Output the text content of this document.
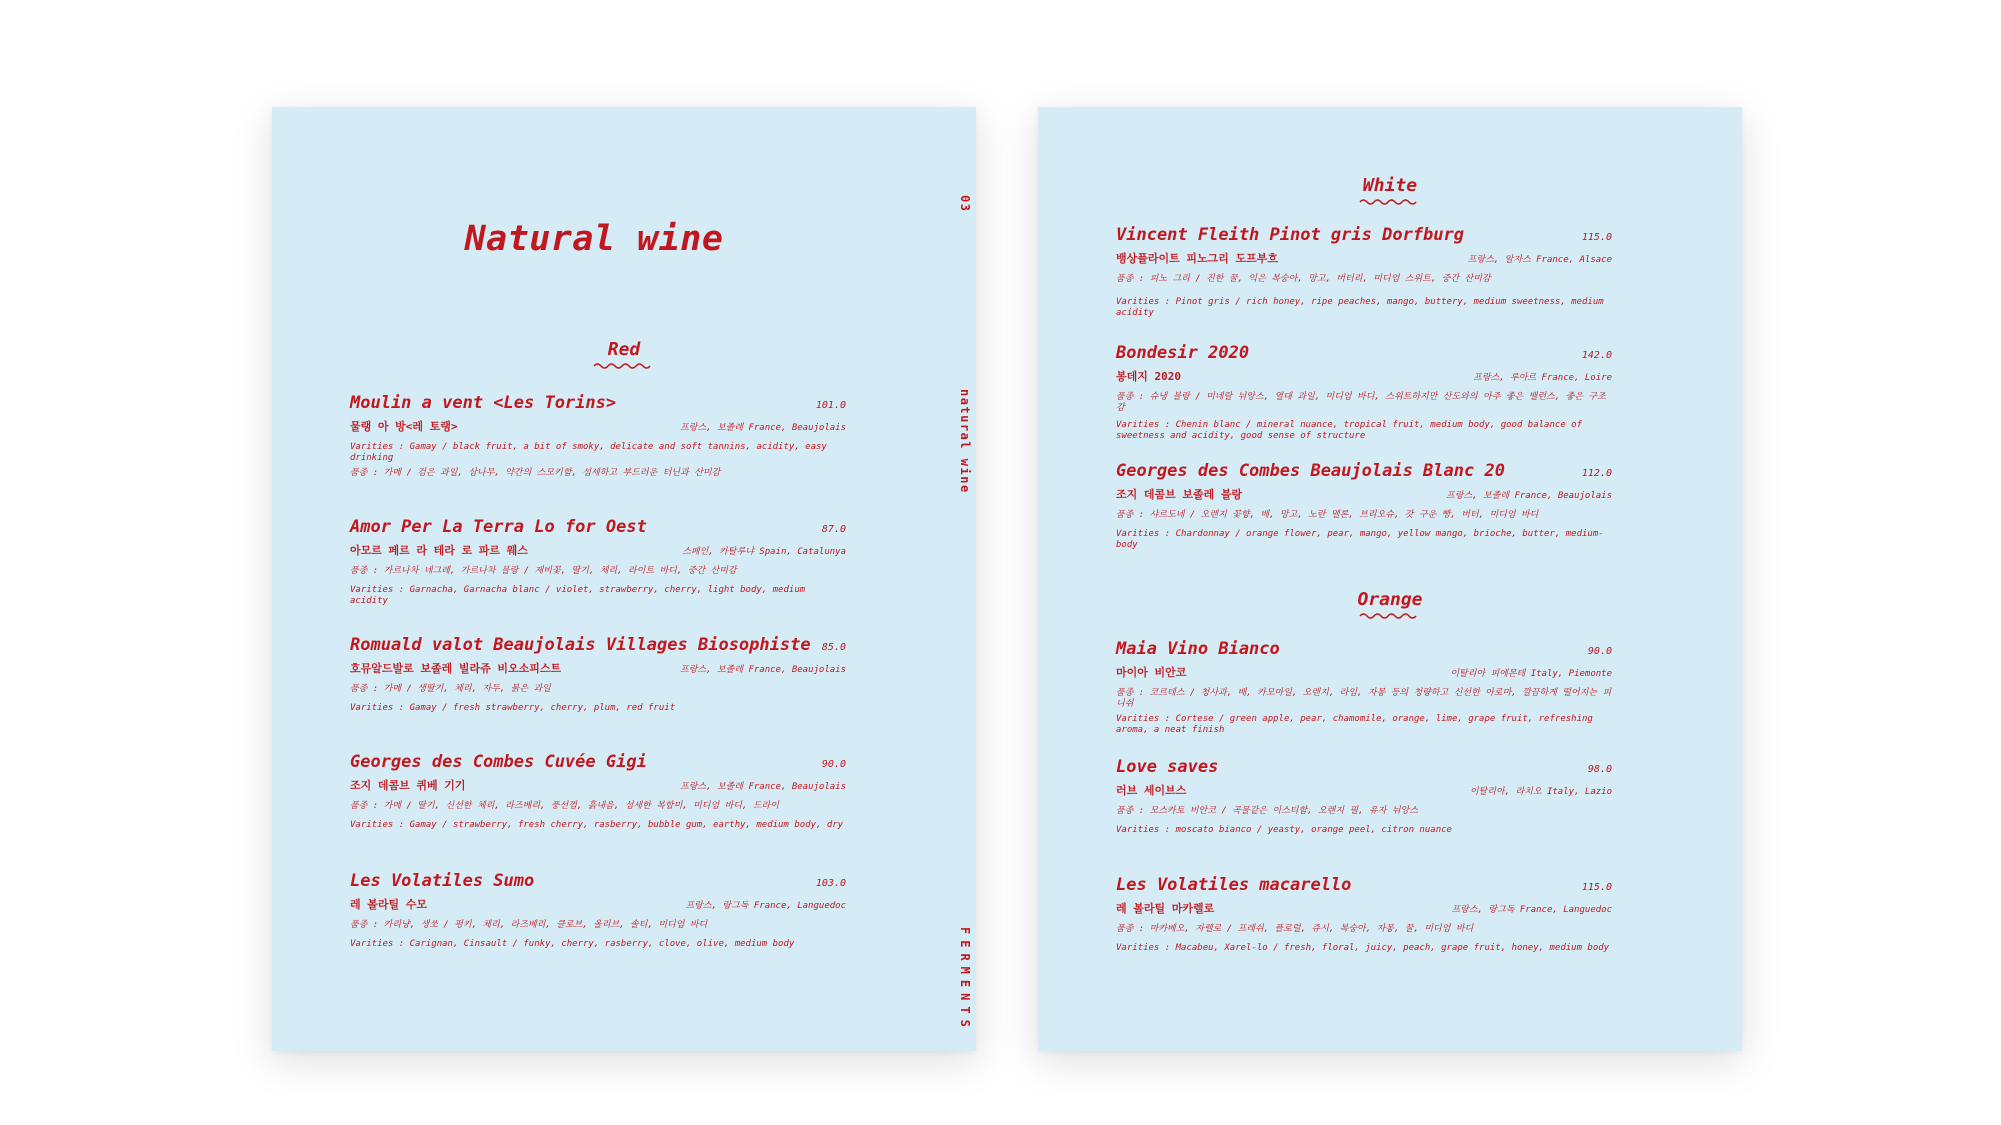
Natural wine
03
natural wine
FERMENTS
Red
Moulin a vent <Les Torins>	101.0
물랭 아 방<레 토랭>	프랑스, 보졸레 France, Beaujolais
Varities : Gamay / black fruit, a bit of smoky, delicate and soft tannins, acidity, easy drinking
품종 : 가메 / 검은 과일, 삼나무, 약간의 스모키함, 섬세하고 부드러운 터닌과 산미감
Amor Per La Terra Lo for Oest	87.0
아모르 페르 라 테라 로 파르 웨스	스페인, 카탈루냐 Spain, Catalunya
품종 : 가르나차 네그레, 가르나차 블랑 / 제비꽃, 딸기, 체리, 라이트 바디, 중간 산미감
Varities : Garnacha, Garnacha blanc / violet, strawberry, cherry, light body, medium acidity
Romuald valot Beaujolais Villages Biosophiste 85.0
호뮤알드발로 보졸레 빌라쥬 비오소피스트	프랑스, 보졸레 France, Beaujolais
품종 : 가메 / 생딸기, 체리, 자두, 붉은 과일
Varities : Gamay / fresh strawberry, cherry, plum, red fruit
Georges des Combes Cuvée Gigi	90.0
조지 데콤브 퀴베 기기	프랑스, 보졸레 France, Beaujolais
품종 : 가메 / 딸기, 신선한 체리, 라즈베리, 풍선껌, 흙내음, 섬세한 복합미, 미디엄 바디, 드라이
Varities : Gamay / strawberry, fresh cherry, rasberry, bubble gum, earthy, medium body, dry
Les Volatiles Sumo	103.0
레 볼라틸 수모	프랑스, 랑그독 France, Languedoc
품종 : 카리냥, 생쏘 / 펑키, 체리, 라즈베리, 클로브, 올리브, 솔티, 미디엄 바디
Varities : Carignan, Cinsault / funky, cherry, rasberry, clove, olive, medium body
White
Vincent Fleith Pinot gris Dorfburg	115.0
뱅상플라이트 피노그리 도프부흐	프랑스, 알자스 France, Alsace
품종 : 피노 그리 / 진한 꿀, 익은 복숭아, 망고, 버터리, 미디엄 스위트, 중간 산미감
Varities : Pinot gris / rich honey, ripe peaches, mango, buttery, medium sweetness, medium acidity
Bondesir 2020	142.0
봉데지 2020	프랑스, 루아르 France, Loire
품종 : 슈냉 블랑 / 미네랄 뉘앙스, 열대 과일, 미디엄 바디, 스위트하지만 산도와의 아주 좋은 밸런스, 좋은 구조감
Varities : Chenin blanc / mineral nuance, tropical fruit, medium body, good balance of sweetness and acidity, good sense of structure
Georges des Combes Beaujolais Blanc 20	112.0
조지 데콤브 보졸레 블랑	프랑스, 보졸레 France, Beaujolais
품종 : 샤르도네 / 오렌지 꽃향, 배, 망고, 노란 멜론, 브리오슈, 갓 구운 빵, 버터, 미디엄 바디
Varities : Chardonnay / orange flower, pear, mango, yellow mango, brioche, butter, medium-body
Orange
Maia Vino Bianco	90.0
마이아 비안코	이탈리아 피에몬테 Italy, Piemonte
품종 : 코르테스 / 청사과, 배, 카모마일, 오렌지, 라임, 자몽 등의 청량하고 신선한 아로마, 깔끔하게 떨어지는 피니쉬
Varities : Cortese / green apple, pear, chamomile, orange, lime, grape fruit, refreshing aroma, a neat finish
Love saves	98.0
러브 세이브스	이탈리아, 라치오 Italy, Lazio
품종 : 모스카토 비안코 / 곡물같은 이스티함, 오렌지 필, 유자 뉘앙스
Varities : moscato bianco / yeasty, orange peel, citron nuance
Les Volatiles macarello	115.0
레 볼라틸 마카렐로	프랑스, 랑그독 France, Languedoc
품종 : 마카베오, 자렐로 / 프레쉬, 플로럴, 쥬시, 복숭아, 자몽, 꿀, 미디엄 바디
Varities : Macabeu, Xarel-lo / fresh, floral, juicy, peach, grape fruit, honey, medium body
